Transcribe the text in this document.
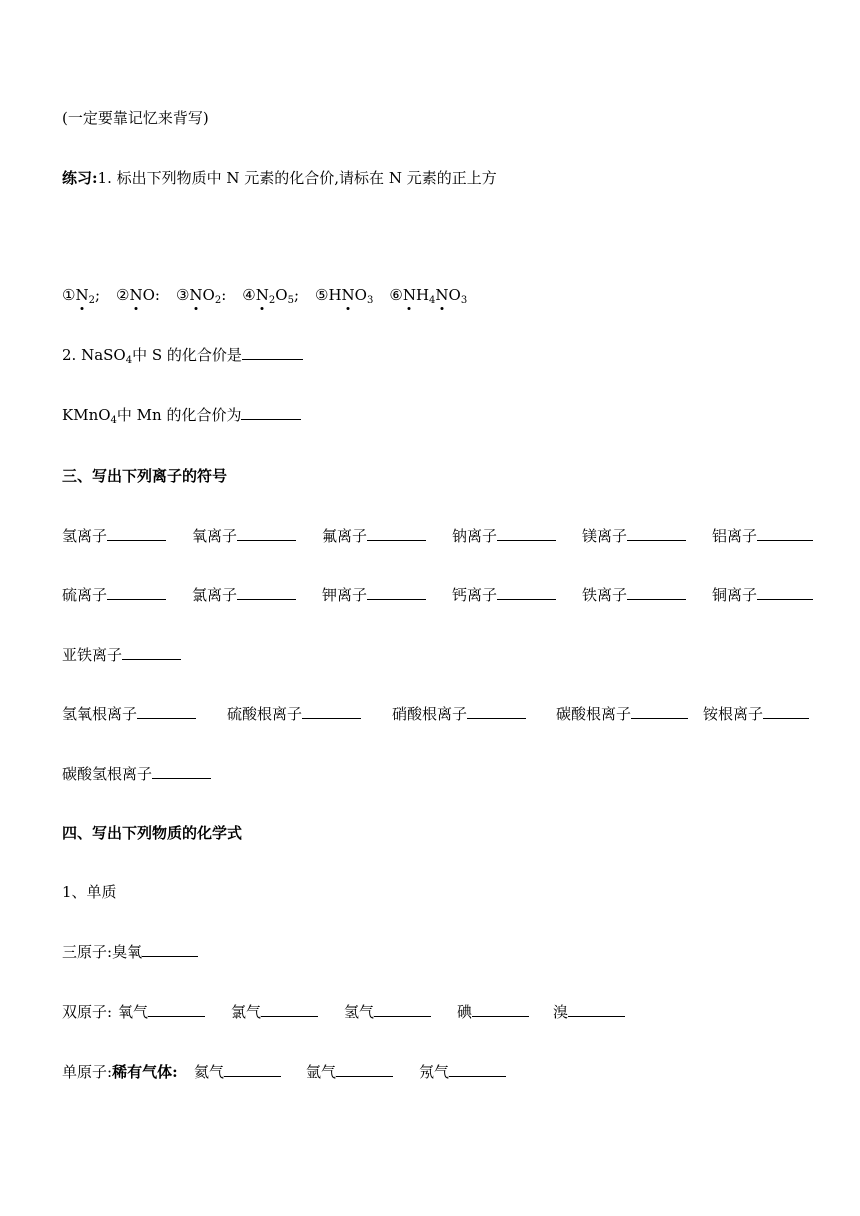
(一定要靠记忆来背写)
练习:1. 标出下列物质中 N 元素的化合价,请标在 N 元素的正上方
$①N_2$; ②NO: $③NO_2$: $④N_2O_5$; $⑤HNO_3$ $⑥NH_4NO_3$
2. NaSO$_4$中 S 的化合价是
KMnO$_4$中 Mn 的化合价为
三、写出下列离子的符号
氢离子	氧离子	氟离子	钠离子	镁离子	铝离子
硫离子	氯离子	钾离子	钙离子	铁离子	铜离子
亚铁离子
氢氧根离子	硫酸根离子	硝酸根离子	碳酸根离子	铵根离子
碳酸氢根离子
四、写出下列物质的化学式
1、单质
三原子:臭氧
双原子: 氧气	氯气	氢气	碘	溴
单原子:稀有气体: 氦气	氩气	氖气
